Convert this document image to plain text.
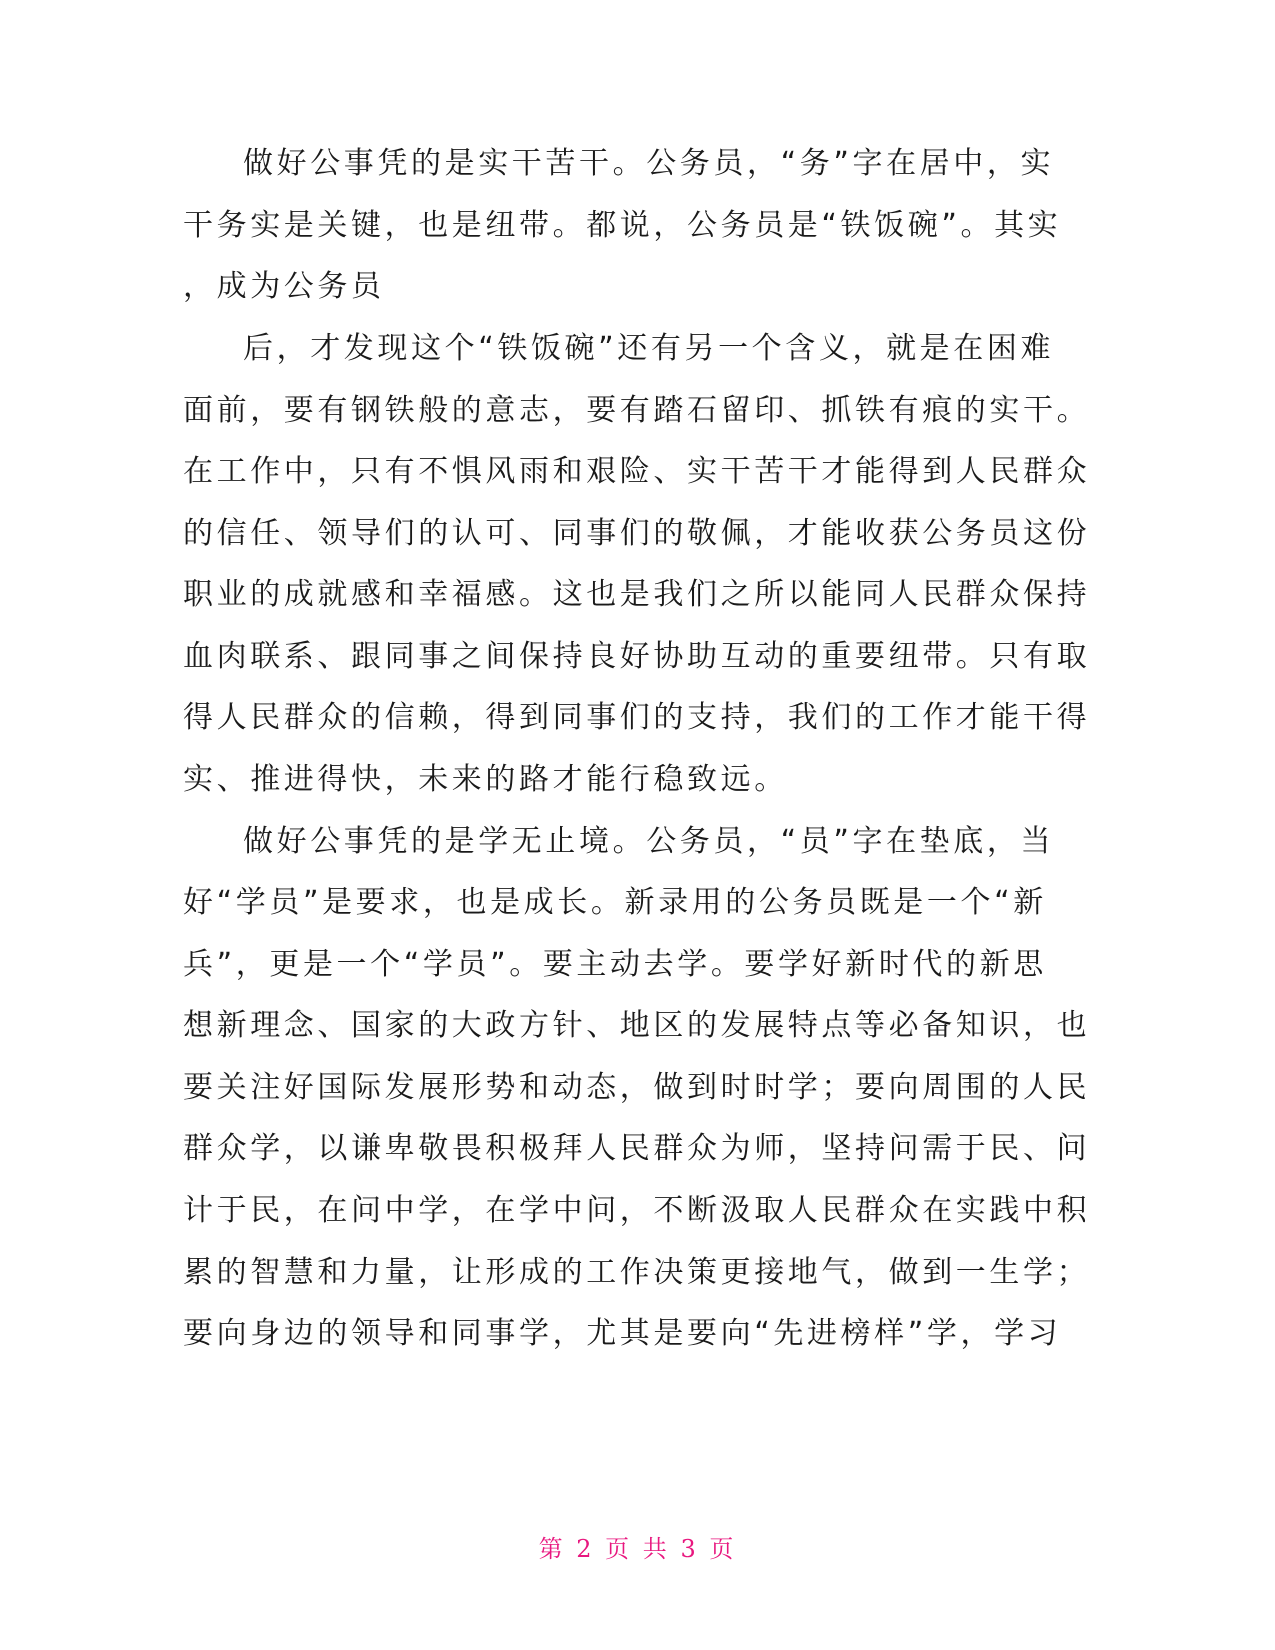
做好公事凭的是实干苦干。公务员，“务”字在居中，实
干务实是关键，也是纽带。都说，公务员是“铁饭碗”。其实
，成为公务员
后，才发现这个“铁饭碗”还有另一个含义，就是在困难
面前，要有钢铁般的意志，要有踏石留印、抓铁有痕的实干。
在工作中，只有不惧风雨和艰险、实干苦干才能得到人民群众
的信任、领导们的认可、同事们的敬佩，才能收获公务员这份
职业的成就感和幸福感。这也是我们之所以能同人民群众保持
血肉联系、跟同事之间保持良好协助互动的重要纽带。只有取
得人民群众的信赖，得到同事们的支持，我们的工作才能干得
实、推进得快，未来的路才能行稳致远。
做好公事凭的是学无止境。公务员，“员”字在垫底，当
好“学员”是要求，也是成长。新录用的公务员既是一个“新
兵”，更是一个“学员”。要主动去学。要学好新时代的新思
想新理念、国家的大政方针、地区的发展特点等必备知识，也
要关注好国际发展形势和动态，做到时时学；要向周围的人民
群众学，以谦卑敬畏积极拜人民群众为师，坚持问需于民、问
计于民，在问中学，在学中问，不断汲取人民群众在实践中积
累的智慧和力量，让形成的工作决策更接地气，做到一生学；
要向身边的领导和同事学，尤其是要向“先进榜样”学，学习
第 2 页 共 3 页
